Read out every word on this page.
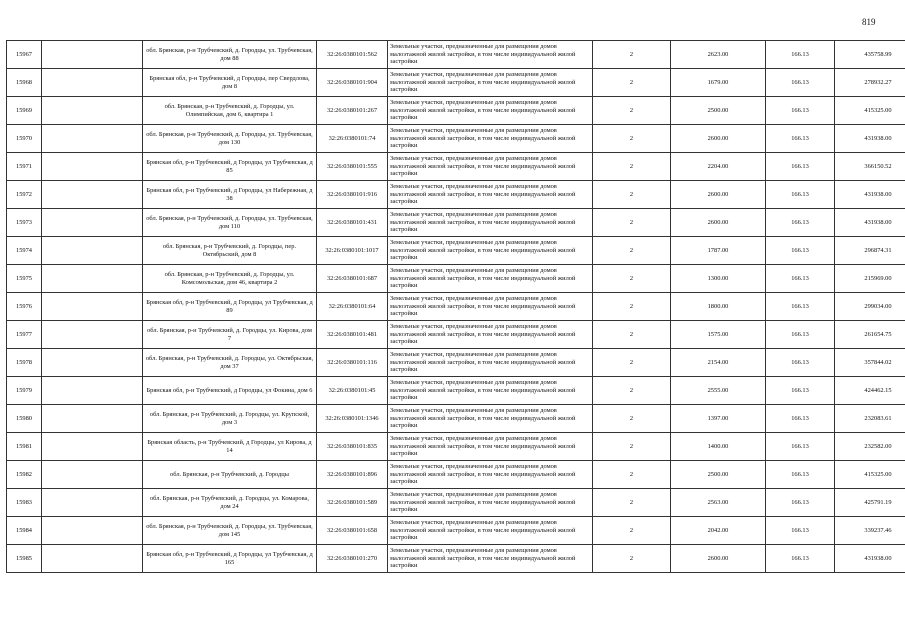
819
15967		обл. Брянская, р-н Трубчевский, д. Городцы, ул. Трубчевская, дом 88	32:26:0380101:562	Земельные участки, предназначенные для размещения домов малоэтажной жилой застройки, в том числе индивидуальной жилой застройки	2	2623.00	166.13	435758.99
15968		Брянская обл, р-н Трубчевский, д Городцы, пер Свердлова, дом 8	32:26:0380101:904	Земельные участки, предназначенные для размещения домов малоэтажной жилой застройки, в том числе индивидуальной жилой застройки	2	1679.00	166.13	278932.27
15969		обл. Брянская, р-н Трубчевский, д. Городцы, ул. Олимпийская, дом 6, квартира 1	32:26:0380101:267	Земельные участки, предназначенные для размещения домов малоэтажной жилой застройки, в том числе индивидуальной жилой застройки	2	2500.00	166.13	415325.00
15970		обл. Брянская, р-н Трубчевский, д. Городцы, ул. Трубчевская, дом 130	32:26:0380101:74	Земельные участки, предназначенные для размещения домов малоэтажной жилой застройки, в том числе индивидуальной жилой застройки	2	2600.00	166.13	431938.00
15971		Брянская обл, р-н Трубчевский, д Городцы, ул Трубчевская, д 85	32:26:0380101:555	Земельные участки, предназначенные для размещения домов малоэтажной жилой застройки, в том числе индивидуальной жилой застройки	2	2204.00	166.13	366150.52
15972		Брянская обл, р-н Трубчевский, д Городцы, ул Набережная, д 38	32:26:0380101:916	Земельные участки, предназначенные для размещения домов малоэтажной жилой застройки, в том числе индивидуальной жилой застройки	2	2600.00	166.13	431938.00
15973		обл. Брянская, р-н Трубчевский, д. Городцы, ул. Трубчевская, дом 110	32:26:0380101:431	Земельные участки, предназначенные для размещения домов малоэтажной жилой застройки, в том числе индивидуальной жилой застройки	2	2600.00	166.13	431938.00
15974		обл. Брянская, р-н Трубчевский, д. Городцы, пер. Октябрьский, дом 8	32:26:0380101:1017	Земельные участки, предназначенные для размещения домов малоэтажной жилой застройки, в том числе индивидуальной жилой застройки	2	1787.00	166.13	296874.31
15975		обл. Брянская, р-н Трубчевский, д. Городцы, ул. Комсомольская, дом 46, квартира 2	32:26:0380101:687	Земельные участки, предназначенные для размещения домов малоэтажной жилой застройки, в том числе индивидуальной жилой застройки	2	1300.00	166.13	215969.00
15976		Брянская обл, р-н Трубчевский, д Городцы, ул Трубчевская, д 89	32:26:0380101:64	Земельные участки, предназначенные для размещения домов малоэтажной жилой застройки, в том числе индивидуальной жилой застройки	2	1800.00	166.13	299034.00
15977		обл. Брянская, р-н Трубчевский, д. Городцы, ул. Кирова, дом 7	32:26:0380101:481	Земельные участки, предназначенные для размещения домов малоэтажной жилой застройки, в том числе индивидуальной жилой застройки	2	1575.00	166.13	261654.75
15978		обл. Брянская, р-н Трубчевский, д. Городцы, ул. Октябрьская, дом 37	32:26:0380101:116	Земельные участки, предназначенные для размещения домов малоэтажной жилой застройки, в том числе индивидуальной жилой застройки	2	2154.00	166.13	357844.02
15979		Брянская обл, р-н Трубчевский, д Городцы, ул Фокина, дом 6	32:26:0380101:45	Земельные участки, предназначенные для размещения домов малоэтажной жилой застройки, в том числе индивидуальной жилой застройки	2	2555.00	166.13	424462.15
15980		обл. Брянская, р-н Трубчевский, д. Городцы, ул. Крупской, дом 3	32:26:0380101:1346	Земельные участки, предназначенные для размещения домов малоэтажной жилой застройки, в том числе индивидуальной жилой застройки	2	1397.00	166.13	232083.61
15981		Брянская область, р-н Трубчевский, д Городцы, ул Кирова, д 14	32:26:0380101:835	Земельные участки, предназначенные для размещения домов малоэтажной жилой застройки, в том числе индивидуальной жилой застройки	2	1400.00	166.13	232582.00
15982		обл. Брянская, р-н Трубчевский, д. Городцы	32:26:0380101:896	Земельные участки, предназначенные для размещения домов малоэтажной жилой застройки, в том числе индивидуальной жилой застройки	2	2500.00	166.13	415325.00
15983		обл. Брянская, р-н Трубчевский, д. Городцы, ул. Комарова, дом 24	32:26:0380101:589	Земельные участки, предназначенные для размещения домов малоэтажной жилой застройки, в том числе индивидуальной жилой застройки	2	2563.00	166.13	425791.19
15984		обл. Брянская, р-н Трубчевский, д. Городцы, ул. Трубчевская, дом 145	32:26:0380101:658	Земельные участки, предназначенные для размещения домов малоэтажной жилой застройки, в том числе индивидуальной жилой застройки	2	2042.00	166.13	339237.46
15985		Брянская обл, р-н Трубчевский, д Городцы, ул Трубчевская, д 165	32:26:0380101:270	Земельные участки, предназначенные для размещения домов малоэтажной жилой застройки, в том числе индивидуальной жилой застройки	2	2600.00	166.13	431938.00
